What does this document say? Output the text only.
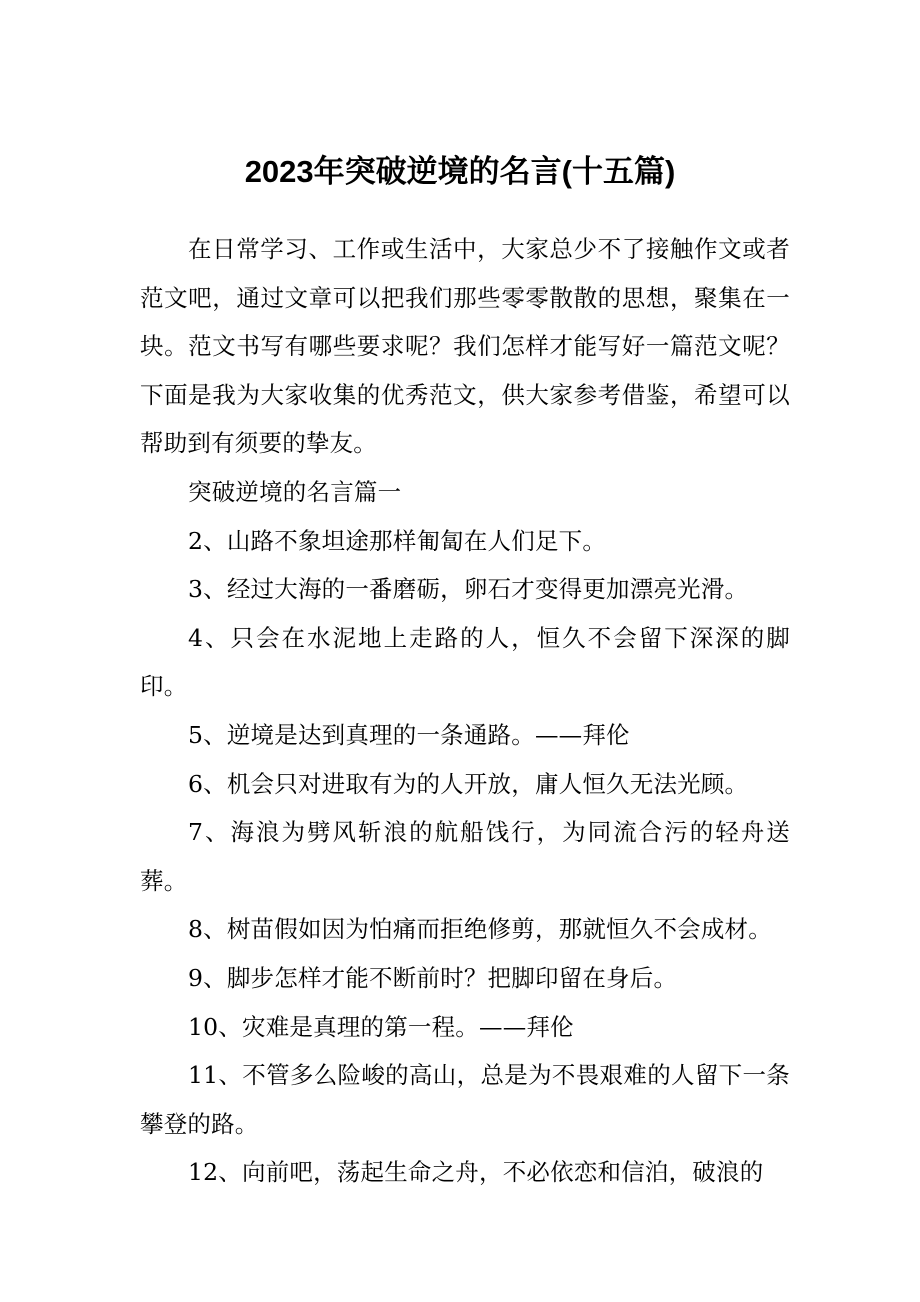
2023年突破逆境的名言(十五篇)

在日常学习、工作或生活中，大家总少不了接触作文或者范文吧，通过文章可以把我们那些零零散散的思想，聚集在一块。范文书写有哪些要求呢？我们怎样才能写好一篇范文呢？下面是我为大家收集的优秀范文，供大家参考借鉴，希望可以帮助到有须要的挚友。

突破逆境的名言篇一

2、山路不象坦途那样匍匐在人们足下。

3、经过大海的一番磨砺，卵石才变得更加漂亮光滑。

4、只会在水泥地上走路的人，恒久不会留下深深的脚印。

5、逆境是达到真理的一条通路。——拜伦

6、机会只对进取有为的人开放，庸人恒久无法光顾。

7、海浪为劈风斩浪的航船饯行，为同流合污的轻舟送葬。

8、树苗假如因为怕痛而拒绝修剪，那就恒久不会成材。

9、脚步怎样才能不断前时？把脚印留在身后。

10、灾难是真理的第一程。——拜伦

11、不管多么险峻的高山，总是为不畏艰难的人留下一条攀登的路。

12、向前吧，荡起生命之舟，不必依恋和信泊，破浪的
